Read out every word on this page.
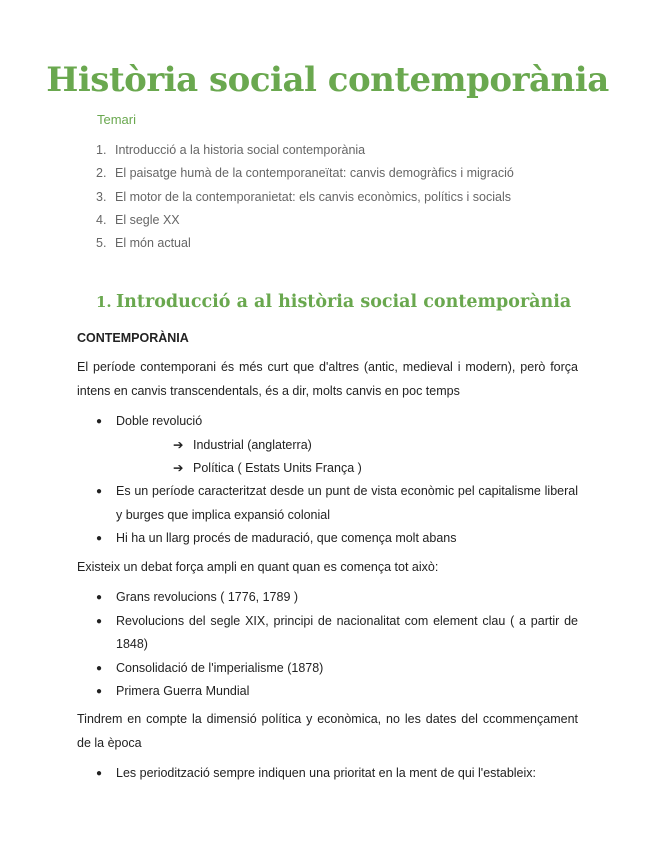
Història social contemporània
Temari
1. Introducció a la historia social contemporània
2. El paisatge humà de la contemporaneïtat: canvis demogràfics i migració
3. El motor de la contemporanietat: els canvis econòmics, polítics i socials
4. El segle XX
5. El món actual
1. Introducció a al història social contemporània
CONTEMPORÀNIA

El període contemporani és més curt que d'altres (antic, medieval i modern), però força intens en canvis transcendentals, és a dir, molts canvis en poc temps

● Doble revolució
➔ Industrial (anglaterra)
➔ Política ( Estats Units França )
● Es un període caracteritzat desde un punt de vista econòmic pel capitalisme liberal y burges que implica expansió colonial
● Hi ha un llarg procés de maduració, que comença molt abans

Existeix un debat força ampli en quant quan es comença tot això:

● Grans revolucions ( 1776, 1789 )
● Revolucions del segle XIX, principi de nacionalitat com element clau ( a partir de 1848)
● Consolidació de l'imperialisme (1878)
● Primera Guerra Mundial

Tindrem en compte la dimensió política y econòmica, no les dates del ccommençament de la època

● Les periodització sempre indiquen una prioritat en la ment de qui l'estableix:
